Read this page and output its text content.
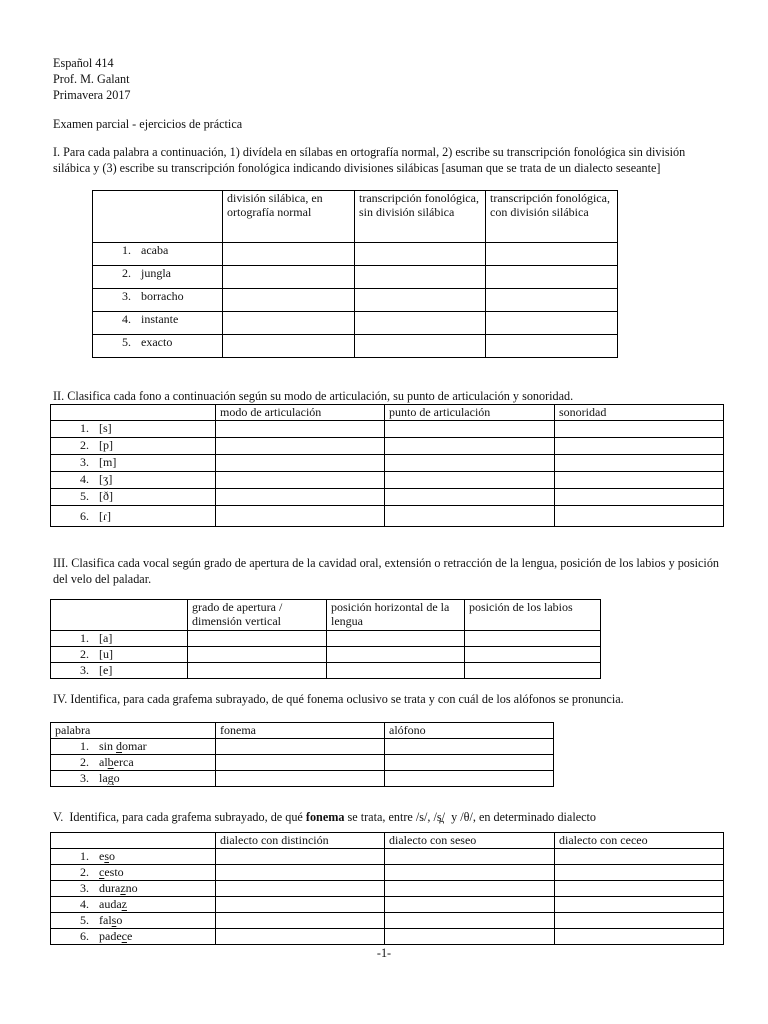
Español 414
Prof. M. Galant
Primavera 2017
Examen parcial - ejercicios de práctica
I. Para cada palabra a continuación, 1) divídela en sílabas en ortografía normal, 2) escribe su transcripción fonológica sin división silábica y (3) escribe su transcripción fonológica indicando divisiones silábicas [asuman que se trata de un dialecto seseante]
	división silábica, en ortografía normal	transcripción fonológica, sin división silábica	transcripción fonológica, con división silábica
1. acaba			
2. jungla			
3. borracho			
4. instante			
5. exacto			
II. Clasifica cada fono a continuación según su modo de articulación, su punto de articulación y sonoridad.
	modo de articulación	punto de articulación	sonoridad
1. [s]			
2. [p]			
3. [m]			
4. [ʒ]			
5. [ð]			
6. [ɾ]			
III. Clasifica cada vocal según grado de apertura de la cavidad oral, extensión o retracción de la lengua, posición de los labios y posición del velo del paladar.
	grado de apertura / dimensión vertical	posición horizontal de la lengua	posición de los labios
1. [a]			
2. [u]			
3. [e]			
IV. Identifica, para cada grafema subrayado, de qué fonema oclusivo se trata y con cuál de los alófonos se pronuncia.
palabra	fonema	alófono
1. sin domar		
2. alberca		
3. lago		
V.  Identifica, para cada grafema subrayado, de qué fonema se trata, entre /s/, /s̪/  y /θ/, en determinado dialecto
	dialecto con distinción	dialecto con seseo	dialecto con ceceo
1. eso			
2. cesto			
3. durazno			
4. audaz			
5. falso			
6. padece			
-1-
